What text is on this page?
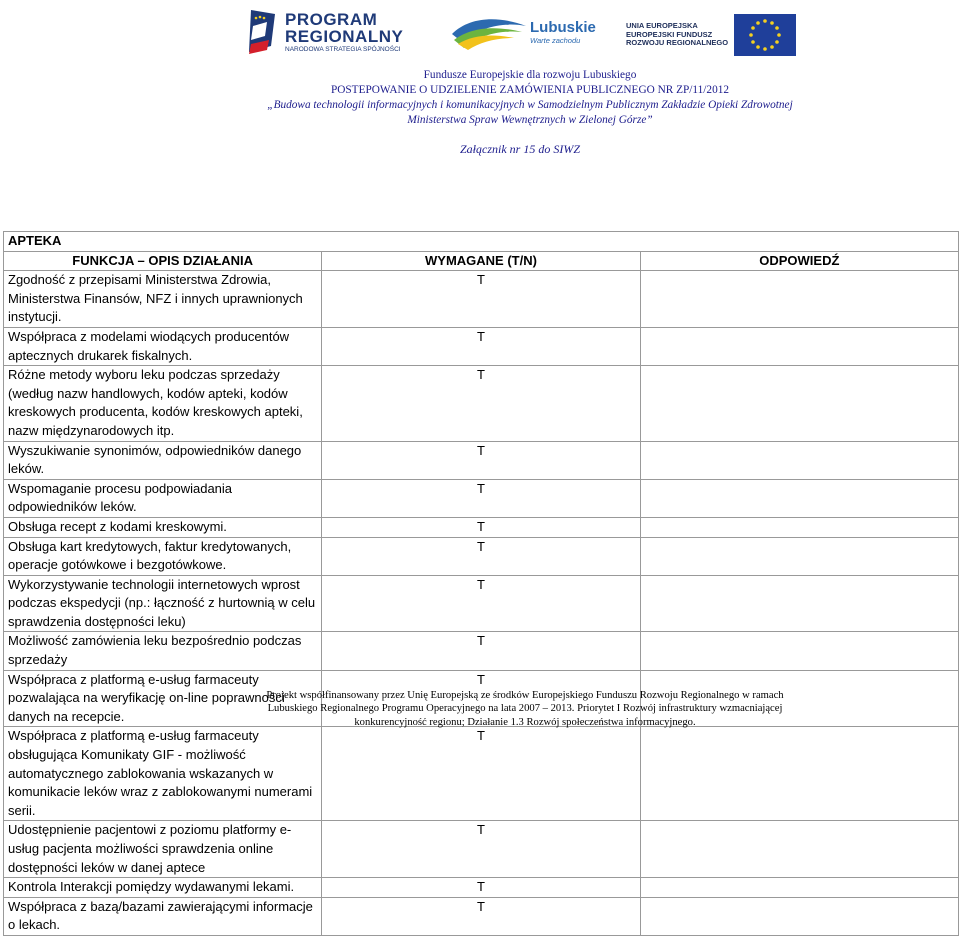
PROGRAM
REGIONALNY
NARODOWA STRATEGIA SPÓJNOŚCI
Lubuskie
Warte zachodu
UNIA EUROPEJSKA
EUROPEJSKI FUNDUSZ
ROZWOJU REGIONALNEGO
Fundusze Europejskie dla rozwoju Lubuskiego
POSTEPOWANIE O UDZIELENIE ZAMÓWIENIA PUBLICZNEGO NR ZP/11/2012
„Budowa technologii informacyjnych i komunikacyjnych w Samodzielnym Publicznym Zakładzie Opieki Zdrowotnej
Ministerstwa Spraw Wewnętrznych w Zielonej Górze”
Załącznik nr 15 do SIWZ
APTEKA		
FUNKCJA – OPIS DZIAŁANIA	WYMAGANE (T/N)	ODPOWIEDŹ
Zgodność z przepisami Ministerstwa Zdrowia, Ministerstwa Finansów, NFZ i innych uprawnionych instytucji.	T	
Współpraca z modelami wiodących producentów aptecznych drukarek fiskalnych.	T	
Różne metody wyboru leku podczas sprzedaży (według nazw handlowych, kodów apteki, kodów kreskowych producenta, kodów kreskowych apteki, nazw międzynarodowych itp.	T	
Wyszukiwanie synonimów, odpowiedników danego leków.	T	
Wspomaganie procesu podpowiadania odpowiedników leków.	T	
Obsługa recept z kodami kreskowymi.	T	
Obsługa kart kredytowych, faktur kredytowanych, operacje gotówkowe i bezgotówkowe.	T	
Wykorzystywanie technologii internetowych wprost podczas ekspedycji (np.: łączność z hurtownią w celu sprawdzenia dostępności leku)	T	
Możliwość zamówienia leku bezpośrednio podczas sprzedaży	T	
Współpraca z platformą e-usług farmaceuty pozwalająca na weryfikację on-line poprawności danych na recepcie.	T	
Współpraca z platformą e-usług farmaceuty obsługująca Komunikaty GIF - możliwość automatycznego zablokowania wskazanych w komunikacie leków wraz z zablokowanymi numerami serii.	T	
Udostępnienie pacjentowi z poziomu platformy e-usług pacjenta możliwości sprawdzenia online dostępności leków w danej aptece	T	
Kontrola Interakcji pomiędzy wydawanymi lekami.	T	
Współpraca z bazą/bazami zawierającymi informacje o lekach.	T	
Projekt współfinansowany przez Unię Europejską ze środków Europejskiego Funduszu Rozwoju Regionalnego w ramach
Lubuskiego Regionalnego Programu Operacyjnego na lata 2007 – 2013. Priorytet I Rozwój infrastruktury wzmacniającej
konkurencyjność regionu; Działanie 1.3 Rozwój społeczeństwa informacyjnego.
